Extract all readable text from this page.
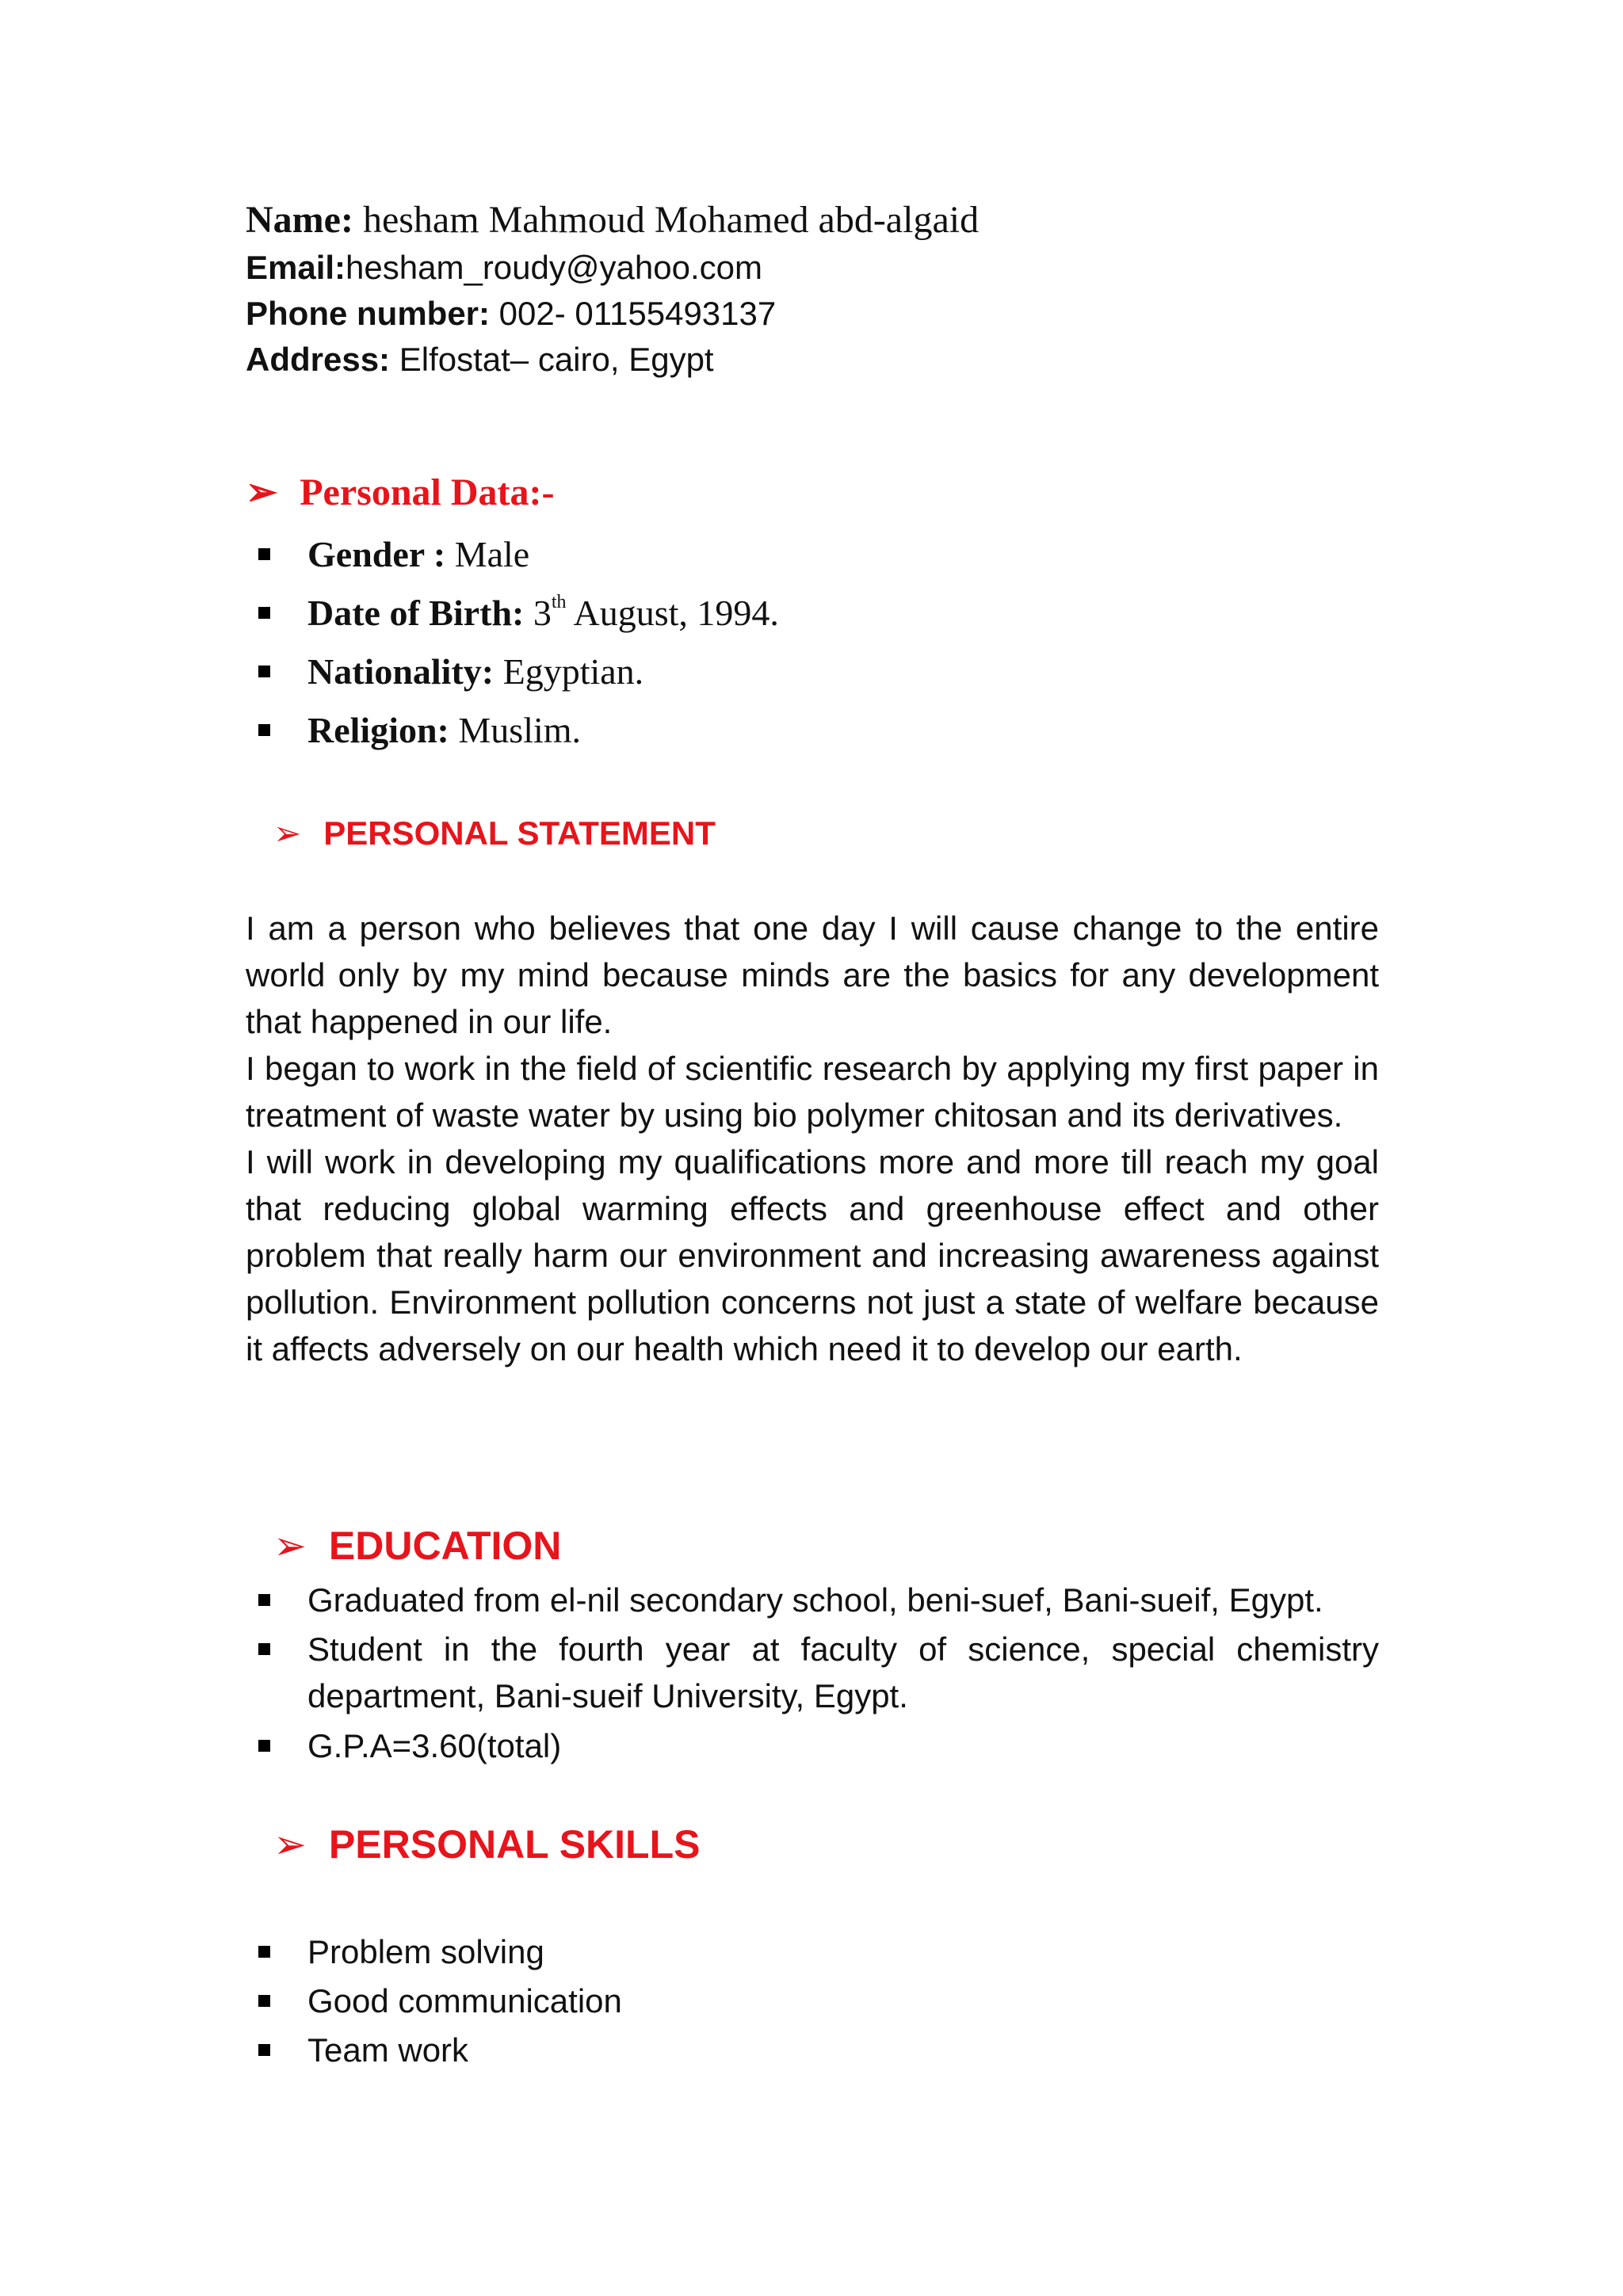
Name: hesham Mahmoud Mohamed abd-algaid
Email:hesham_roudy@yahoo.com
Phone number: 002- 01155493137
Address: Elfostat– cairo, Egypt
➢ Personal Data:-
Gender : Male
Date of Birth: 3th August, 1994.
Nationality: Egyptian.
Religion: Muslim.
➢ PERSONAL STATEMENT

I am a person who believes that one day I will cause change to the entire world only by my mind because minds are the basics for any development that happened in our life.

I began to work in the field of scientific research by applying my first paper in treatment of waste water by using bio polymer chitosan and its derivatives.

I will work in developing my qualifications more and more till reach my goal that reducing global warming effects and greenhouse effect and other problem that really harm our environment and increasing awareness against pollution. Environment pollution concerns not just a state of welfare because it affects adversely on our health which need it to develop our earth.

➢ EDUCATION
Graduated from el-nil secondary school, beni-suef, Bani-sueif, Egypt.
Student in the fourth year at faculty of science, special chemistry department, Bani-sueif University, Egypt.
G.P.A=3.60(total)
➢ PERSONAL SKILLS
Problem solving
Good communication
Team work
